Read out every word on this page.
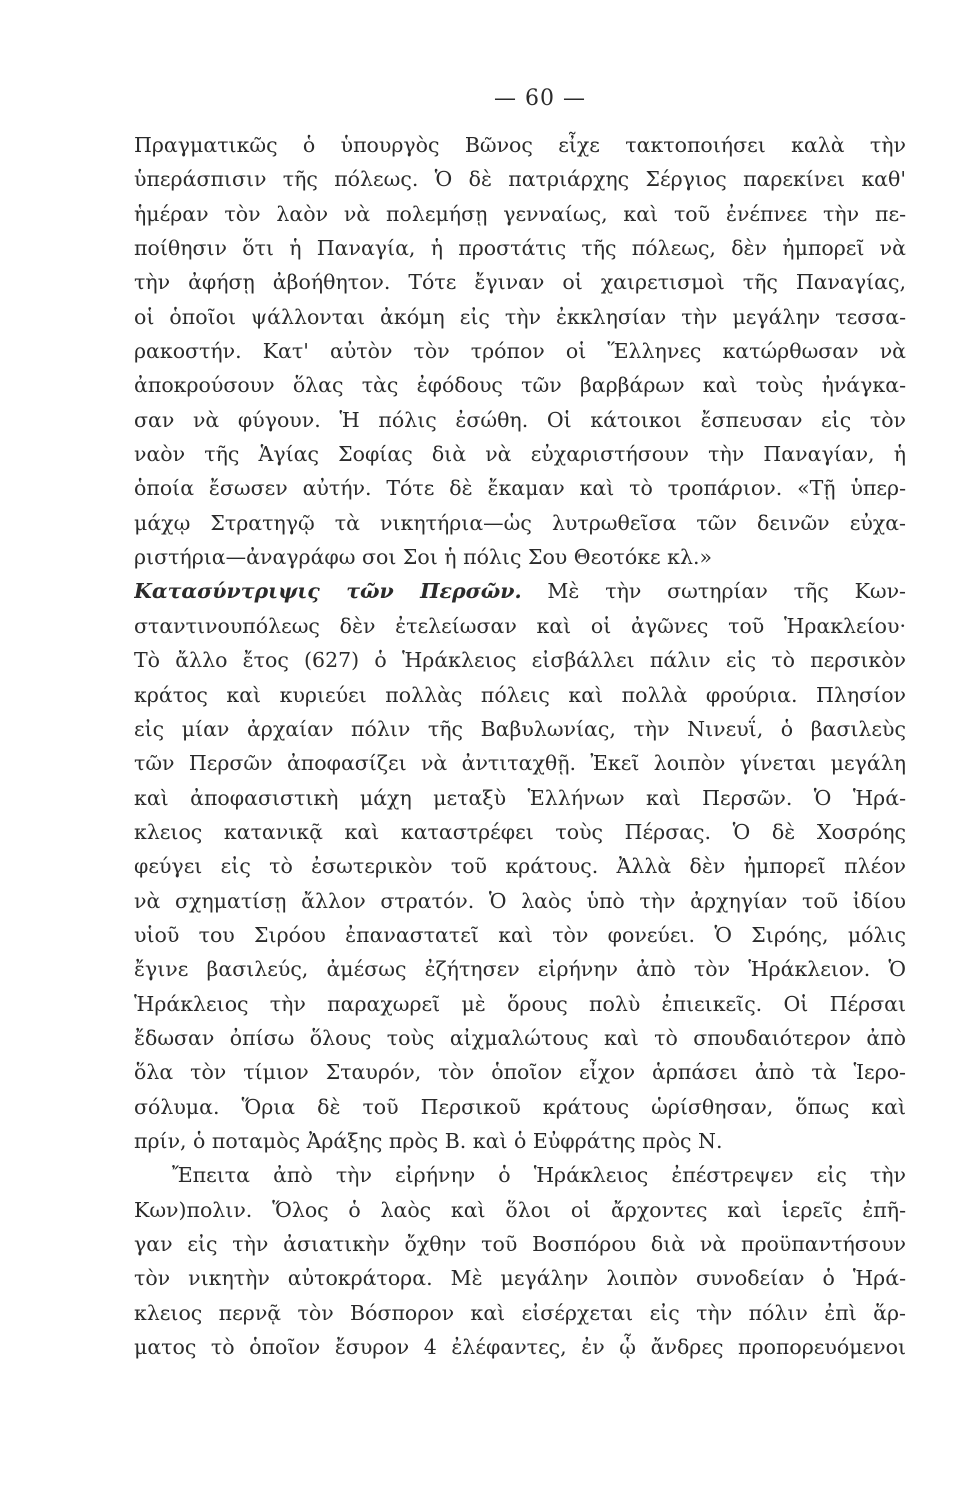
— 60 —
Πραγματικῶς ὁ ὑπουργὸς Βῶνος εἶχε τακτοποιήσει καλὰ τὴν
ὑπεράσπισιν τῆς πόλεως. Ὁ δὲ πατριάρχης Σέργιος παρεκίνει καθ'
ἡμέραν τὸν λαὸν νὰ πολεμήσῃ γενναίως, καὶ τοῦ ἐνέπνεε τὴν πε-
ποίθησιν ὅτι ἡ Παναγία, ἡ προστάτις τῆς πόλεως, δὲν ἠμπορεῖ νὰ
τὴν ἀφήσῃ ἀβοήθητον. Τότε ἔγιναν οἱ χαιρετισμοὶ τῆς Παναγίας,
οἱ ὁποῖοι ψάλλονται ἀκόμη εἰς τὴν ἐκκλησίαν τὴν μεγάλην τεσσα-
ρακοστήν. Κατ' αὐτὸν τὸν τρόπον οἱ Ἕλληνες κατώρθωσαν νὰ
ἀποκρούσουν ὅλας τὰς ἐφόδους τῶν βαρβάρων καὶ τοὺς ἠνάγκα-
σαν νὰ φύγουν. Ἡ πόλις ἐσώθη. Οἱ κάτοικοι ἔσπευσαν εἰς τὸν
ναὸν τῆς Ἁγίας Σοφίας διὰ νὰ εὐχαριστήσουν τὴν Παναγίαν, ἡ
ὁποία ἔσωσεν αὐτήν. Τότε δὲ ἔκαμαν καὶ τὸ τροπάριον. «Τῇ ὑπερ-
μάχῳ Στρατηγῷ τὰ νικητήρια—ὡς λυτρωθεῖσα τῶν δεινῶν εὐχα-
ριστήρια—ἀναγράφω σοι Σοι ἡ πόλις Σου Θεοτόκε κλ.»
Κατασύντριψις τῶν Περσῶν. Μὲ τὴν σωτηρίαν τῆς Κων-
σταντινουπόλεως δὲν ἐτελείωσαν καὶ οἱ ἀγῶνες τοῦ Ἡρακλείου·
Τὸ ἄλλο ἔτος (627) ὁ Ἡράκλειος εἰσβάλλει πάλιν εἰς τὸ περσικὸν
κράτος καὶ κυριεύει πολλὰς πόλεις καὶ πολλὰ φρούρια. Πλησίον
εἰς μίαν ἀρχαίαν πόλιν τῆς Βαβυλωνίας, τὴν Νινευΐ, ὁ βασιλεὺς
τῶν Περσῶν ἀποφασίζει νὰ ἀντιταχθῇ. Ἐκεῖ λοιπὸν γίνεται μεγάλη
καὶ ἀποφασιστικὴ μάχη μεταξὺ Ἑλλήνων καὶ Περσῶν. Ὁ Ἡρά-
κλειος κατανικᾷ καὶ καταστρέφει τοὺς Πέρσας. Ὁ δὲ Χοσρόης
φεύγει εἰς τὸ ἐσωτερικὸν τοῦ κράτους. Ἀλλὰ δὲν ἠμπορεῖ πλέον
νὰ σχηματίσῃ ἄλλον στρατόν. Ὁ λαὸς ὑπὸ τὴν ἀρχηγίαν τοῦ ἰδίου
υἱοῦ του Σιρόου ἐπαναστατεῖ καὶ τὸν φονεύει. Ὁ Σιρόης, μόλις
ἔγινε βασιλεύς, ἀμέσως ἐζήτησεν εἰρήνην ἀπὸ τὸν Ἡράκλειον. Ὁ
Ἡράκλειος τὴν παραχωρεῖ μὲ ὅρους πολὺ ἐπιεικεῖς. Οἱ Πέρσαι
ἔδωσαν ὀπίσω ὅλους τοὺς αἰχμαλώτους καὶ τὸ σπουδαιότερον ἀπὸ
ὅλα τὸν τίμιον Σταυρόν, τὸν ὁποῖον εἶχον ἁρπάσει ἀπὸ τὰ Ἱερο-
σόλυμα. Ὅρια δὲ τοῦ Περσικοῦ κράτους ὡρίσθησαν, ὅπως καὶ
πρίν, ὁ ποταμὸς Ἀράξης πρὸς Β. καὶ ὁ Εὐφράτης πρὸς Ν.
Ἔπειτα ἀπὸ τὴν εἰρήνην ὁ Ἡράκλειος ἐπέστρεψεν εἰς τὴν
Κων)πολιν. Ὅλος ὁ λαὸς καὶ ὅλοι οἱ ἄρχοντες καὶ ἱερεῖς ἐπῆ-
γαν εἰς τὴν ἀσιατικὴν ὄχθην τοῦ Βοσπόρου διὰ νὰ προϋπαντήσουν
τὸν νικητὴν αὐτοκράτορα. Μὲ μεγάλην λοιπὸν συνοδείαν ὁ Ἡρά-
κλειος περνᾷ τὸν Βόσπορον καὶ εἰσέρχεται εἰς τὴν πόλιν ἐπὶ ἅρ-
ματος τὸ ὁποῖον ἔσυρον 4 ἐλέφαντες, ἐν ᾧ ἄνδρες προπορευόμενοι
